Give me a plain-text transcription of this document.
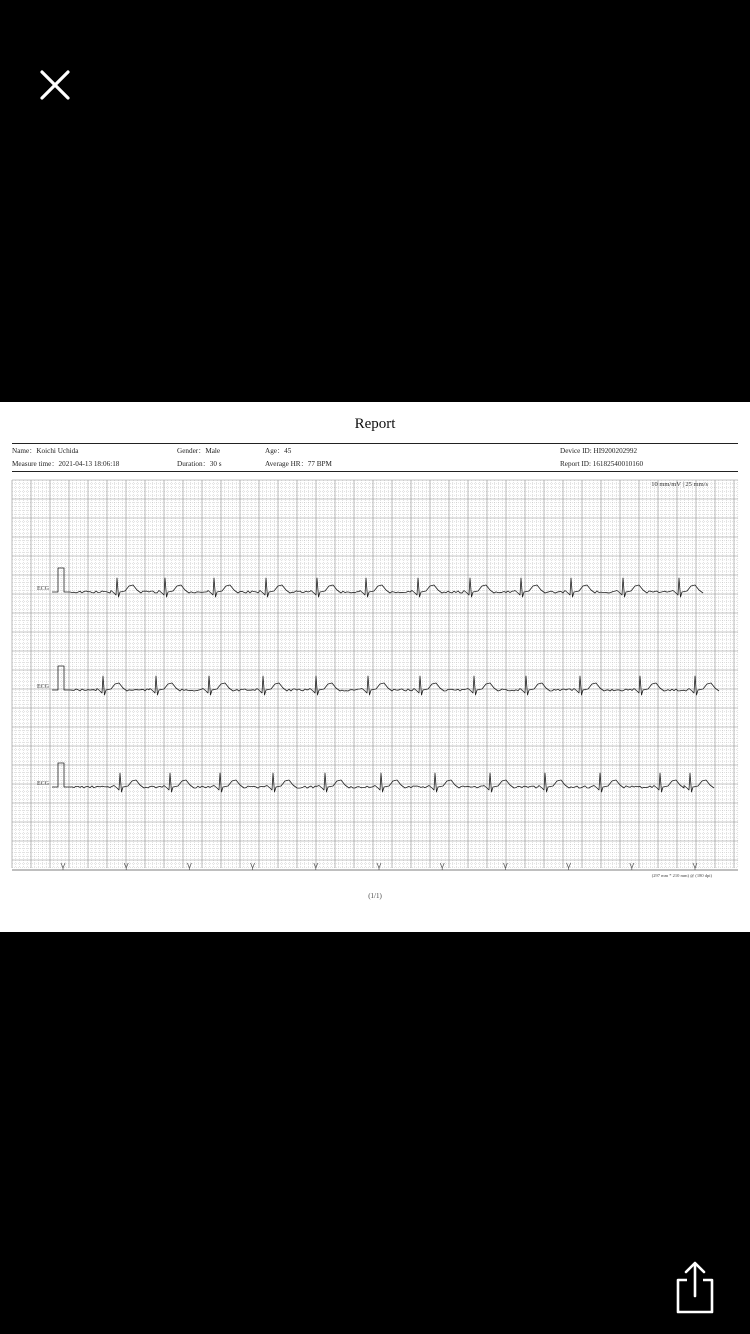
ECG
ECG
ECG
Report
Name：Koichi Uchida
Measure time：2021-04-13 18:06:18
Gender：Male
Duration：30 s
Age：45
Average HR：77 BPM
Device ID: HI9200202992
Report ID: 16182540010160
10 mm/mV | 25 mm/s
(297 mm * 210 mm) @ (180 dpi)
(1/1)
